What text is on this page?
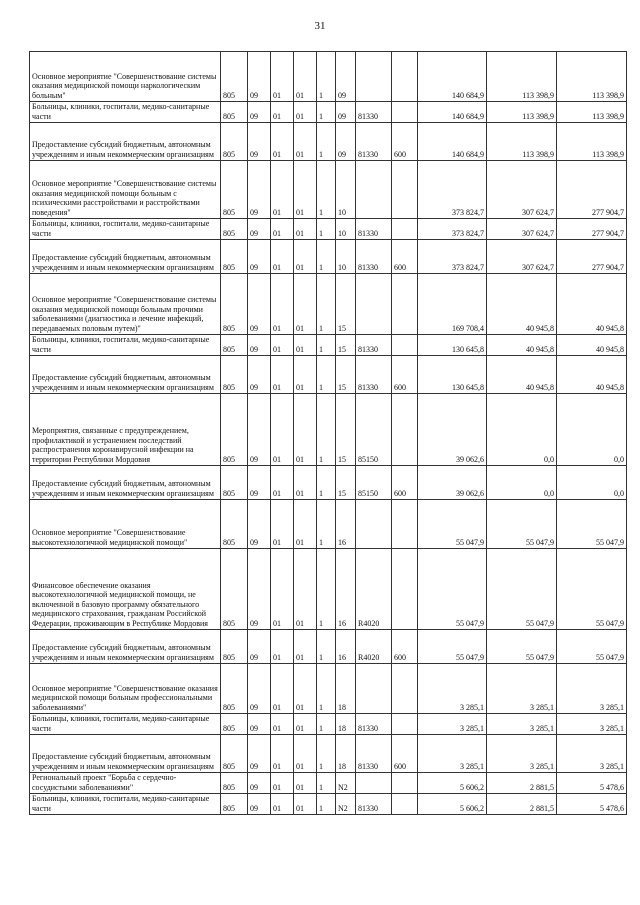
31
Основное мероприятие "Совершенствование системы оказания медицинской помощи наркологическим больным"	805	09	01	01	1	09			140 684,9	113 398,9	113 398,9
Больницы, клиники, госпитали, медико-санитарные части	805	09	01	01	1	09	81330		140 684,9	113 398,9	113 398,9
Предоставление субсидий бюджетным, автономным учреждениям и иным некоммерческим организациям	805	09	01	01	1	09	81330	600	140 684,9	113 398,9	113 398,9
Основное мероприятие "Совершенствование системы оказания медицинской помощи больным с психическими расстройствами и расстройствами поведения"	805	09	01	01	1	10			373 824,7	307 624,7	277 904,7
Больницы, клиники, госпитали, медико-санитарные части	805	09	01	01	1	10	81330		373 824,7	307 624,7	277 904,7
Предоставление субсидий бюджетным, автономным учреждениям и иным некоммерческим организациям	805	09	01	01	1	10	81330	600	373 824,7	307 624,7	277 904,7
Основное мероприятие "Совершенствование системы оказания медицинской помощи больным прочими заболеваниями (диагностика и лечение инфекций, передаваемых половым путем)"	805	09	01	01	1	15			169 708,4	40 945,8	40 945,8
Больницы, клиники, госпитали, медико-санитарные части	805	09	01	01	1	15	81330		130 645,8	40 945,8	40 945,8
Предоставление субсидий бюджетным, автономным учреждениям и иным некоммерческим организациям	805	09	01	01	1	15	81330	600	130 645,8	40 945,8	40 945,8
Мероприятия, связанные с предупреждением, профилактикой и устранением последствий распространения коронавирусной инфекции на территории Республики Мордовия	805	09	01	01	1	15	85150		39 062,6	0,0	0,0
Предоставление субсидий бюджетным, автономным учреждениям и иным некоммерческим организациям	805	09	01	01	1	15	85150	600	39 062,6	0,0	0,0
Основное мероприятие "Совершенствование высокотехнологичной медицинской помощи"	805	09	01	01	1	16			55 047,9	55 047,9	55 047,9
Финансовое обеспечение оказания высокотехнологичной медицинской помощи, не включенной в базовую программу обязательного медицинского страхования, гражданам Российской Федерации, проживающим в Республике Мордовия	805	09	01	01	1	16	R4020		55 047,9	55 047,9	55 047,9
Предоставление субсидий бюджетным, автономным учреждениям и иным некоммерческим организациям	805	09	01	01	1	16	R4020	600	55 047,9	55 047,9	55 047,9
Основное мероприятие "Совершенствование оказания медицинской помощи больным профессиональными заболеваниями"	805	09	01	01	1	18			3 285,1	3 285,1	3 285,1
Больницы, клиники, госпитали, медико-санитарные части	805	09	01	01	1	18	81330		3 285,1	3 285,1	3 285,1
Предоставление субсидий бюджетным, автономным учреждениям и иным некоммерческим организациям	805	09	01	01	1	18	81330	600	3 285,1	3 285,1	3 285,1
Региональный проект "Борьба с сердечно-сосудистыми заболеваниями"	805	09	01	01	1	N2			5 606,2	2 881,5	5 478,6
Больницы, клиники, госпитали, медико-санитарные части	805	09	01	01	1	N2	81330		5 606,2	2 881,5	5 478,6
